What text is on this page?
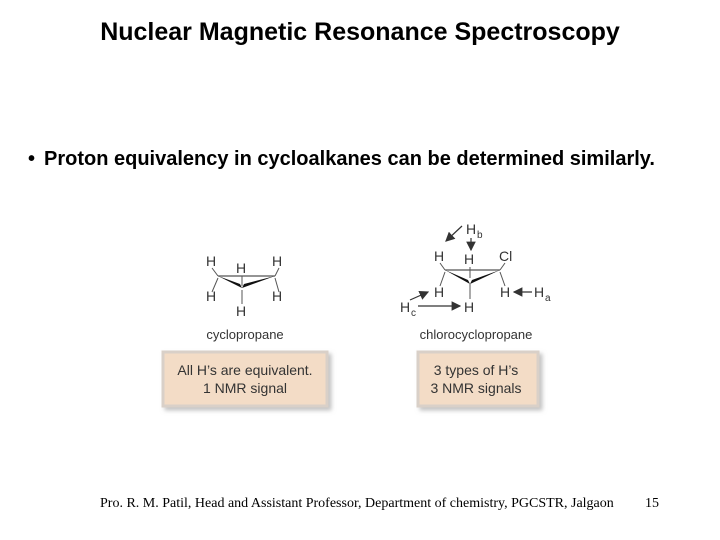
Nuclear Magnetic Resonance Spectroscopy
• Proton equivalency in cycloalkanes can be determined similarly.
H H H
H	H
H
cyclopropane
All H’s are equivalent.
1 NMR signal
H H Cl
H	H
H
H b
H c
H a
chlorocyclopropane
3 types of H’s
3 NMR signals
Pro. R. M. Patil, Head and Assistant Professor, Department of chemistry, PGCSTR, Jalgaon 15
